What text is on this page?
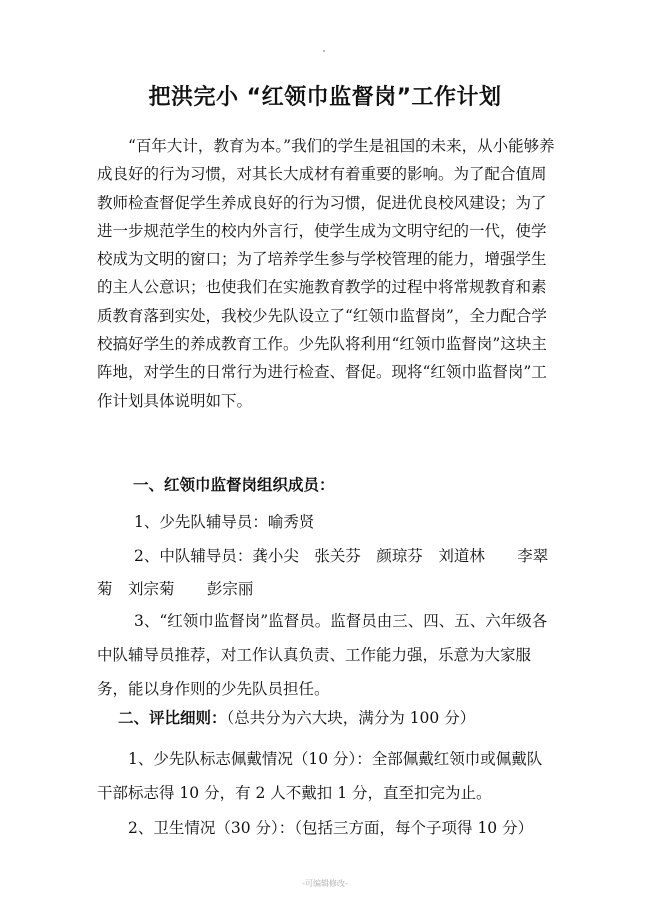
把洪完小 “红领巾监督岗”工作计划

“百年大计，教育为本。”我们的学生是祖国的未来，从小能够养成良好的行为习惯，对其长大成材有着重要的影响。为了配合值周教师检查督促学生养成良好的行为习惯，促进优良校风建设；为了进一步规范学生的校内外言行，使学生成为文明守纪的一代，使学校成为文明的窗口；为了培养学生参与学校管理的能力，增强学生的主人公意识；也使我们在实施教育教学的过程中将常规教育和素质教育落到实处，我校少先队设立了“红领巾监督岗”，全力配合学校搞好学生的养成教育工作。少先队将利用“红领巾监督岗”这块主阵地，对学生的日常行为进行检查、督促。现将“红领巾监督岗”工作计划具体说明如下。

一、红领巾监督岗组织成员：

1、少先队辅导员：喻秀贤

2、中队辅导员：龚小尖　张关芬　颜琼芬　刘道林　 李翠菊　刘宗菊　 彭宗丽

3、“红领巾监督岗”监督员。监督员由三、四、五、六年级各中队辅导员推荐，对工作认真负责、工作能力强，乐意为大家服务，能以身作则的少先队员担任。

二、评比细则：（总共分为六大块，满分为 100 分）

1、少先队标志佩戴情况（10 分）：全部佩戴红领巾或佩戴队干部标志得 10 分，有 2 人不戴扣 1 分，直至扣完为止。

2、卫生情况（30 分）：（包括三方面，每个子项得 10 分）

-可编辑修改-
